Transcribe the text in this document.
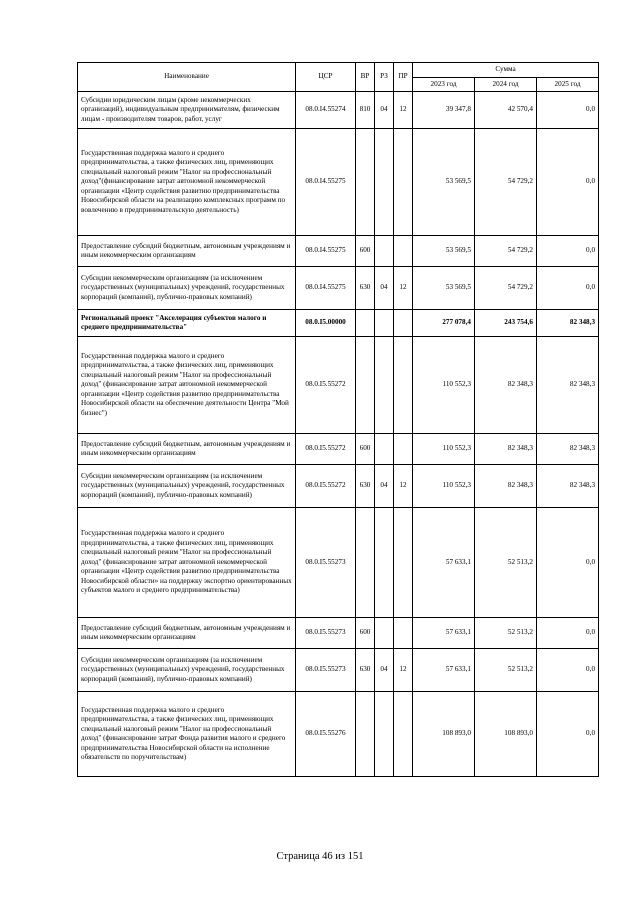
Наименование	ЦСР	ВР	РЗ	ПР	Сумма		
					2023 год	2024 год	2025 год
Субсидии юридическим лицам (кроме некоммерческих организаций), индивидуальным предпринимателям, физическим лицам - производителям товаров, работ, услуг	08.0.I4.55274	810	04	12	39 347,8	42 570,4	0,0
Государственная поддержка малого и среднего предпринимательства, а также физических лиц, применяющих специальный налоговый режим "Налог на профессиональный доход"(финансирование затрат автономной некоммерческой организации «Центр содействия развитию предпринимательства Новосибирской области на реализацию комплексных программ по вовлечению в предпринимательскую деятельность)	08.0.I4.55275				53 569,5	54 729,2	0,0
Предоставление субсидий бюджетным, автономным учреждениям и иным некоммерческим организациям	08.0.I4.55275	600			53 569,5	54 729,2	0,0
Субсидии некоммерческим организациям (за исключением государственных (муниципальных) учреждений, государственных корпораций (компаний), публично-правовых компаний)	08.0.I4.55275	630	04	12	53 569,5	54 729,2	0,0
Региональный проект "Акселерация субъектов малого и среднего предпринимательства"	08.0.I5.00000				277 078,4	243 754,6	82 348,3
Государственная поддержка малого и среднего предпринимательства, а также физических лиц, применяющих специальный налоговый режим "Налог на профессиональный доход" (финансирование затрат автономной некоммерческой организации «Центр содействия развитию предпринимательства Новосибирской области на обеспечение деятельности Центра "Мой бизнес")	08.0.I5.55272				110 552,3	82 348,3	82 348,3
Предоставление субсидий бюджетным, автономным учреждениям и иным некоммерческим организациям	08.0.I5.55272	600			110 552,3	82 348,3	82 348,3
Субсидии некоммерческим организациям (за исключением государственных (муниципальных) учреждений, государственных корпораций (компаний), публично-правовых компаний)	08.0.I5.55272	630	04	12	110 552,3	82 348,3	82 348,3
Государственная поддержка малого и среднего предпринимательства, а также физических лиц, применяющих специальный налоговый режим "Налог на профессиональный доход" (финансирование затрат автономной некоммерческой организации «Центр содействия развитию предпринимательства Новосибирской области» на поддержку экспортно ориентированных субъектов малого и среднего предпринимательства)	08.0.I5.55273				57 633,1	52 513,2	0,0
Предоставление субсидий бюджетным, автономным учреждениям и иным некоммерческим организациям	08.0.I5.55273	600			57 633,1	52 513,2	0,0
Субсидии некоммерческим организациям (за исключением государственных (муниципальных) учреждений, государственных корпораций (компаний), публично-правовых компаний)	08.0.I5.55273	630	04	12	57 633,1	52 513,2	0,0
Государственная поддержка малого и среднего предпринимательства, а также физических лиц, применяющих специальный налоговый режим "Налог на профессиональный доход" (финансирование затрат Фонда развития малого и среднего предпринимательства Новосибирской области на исполнение обязательств по поручительствам)	08.0.I5.55276				108 893,0	108 893,0	0,0
Страница 46 из 151
